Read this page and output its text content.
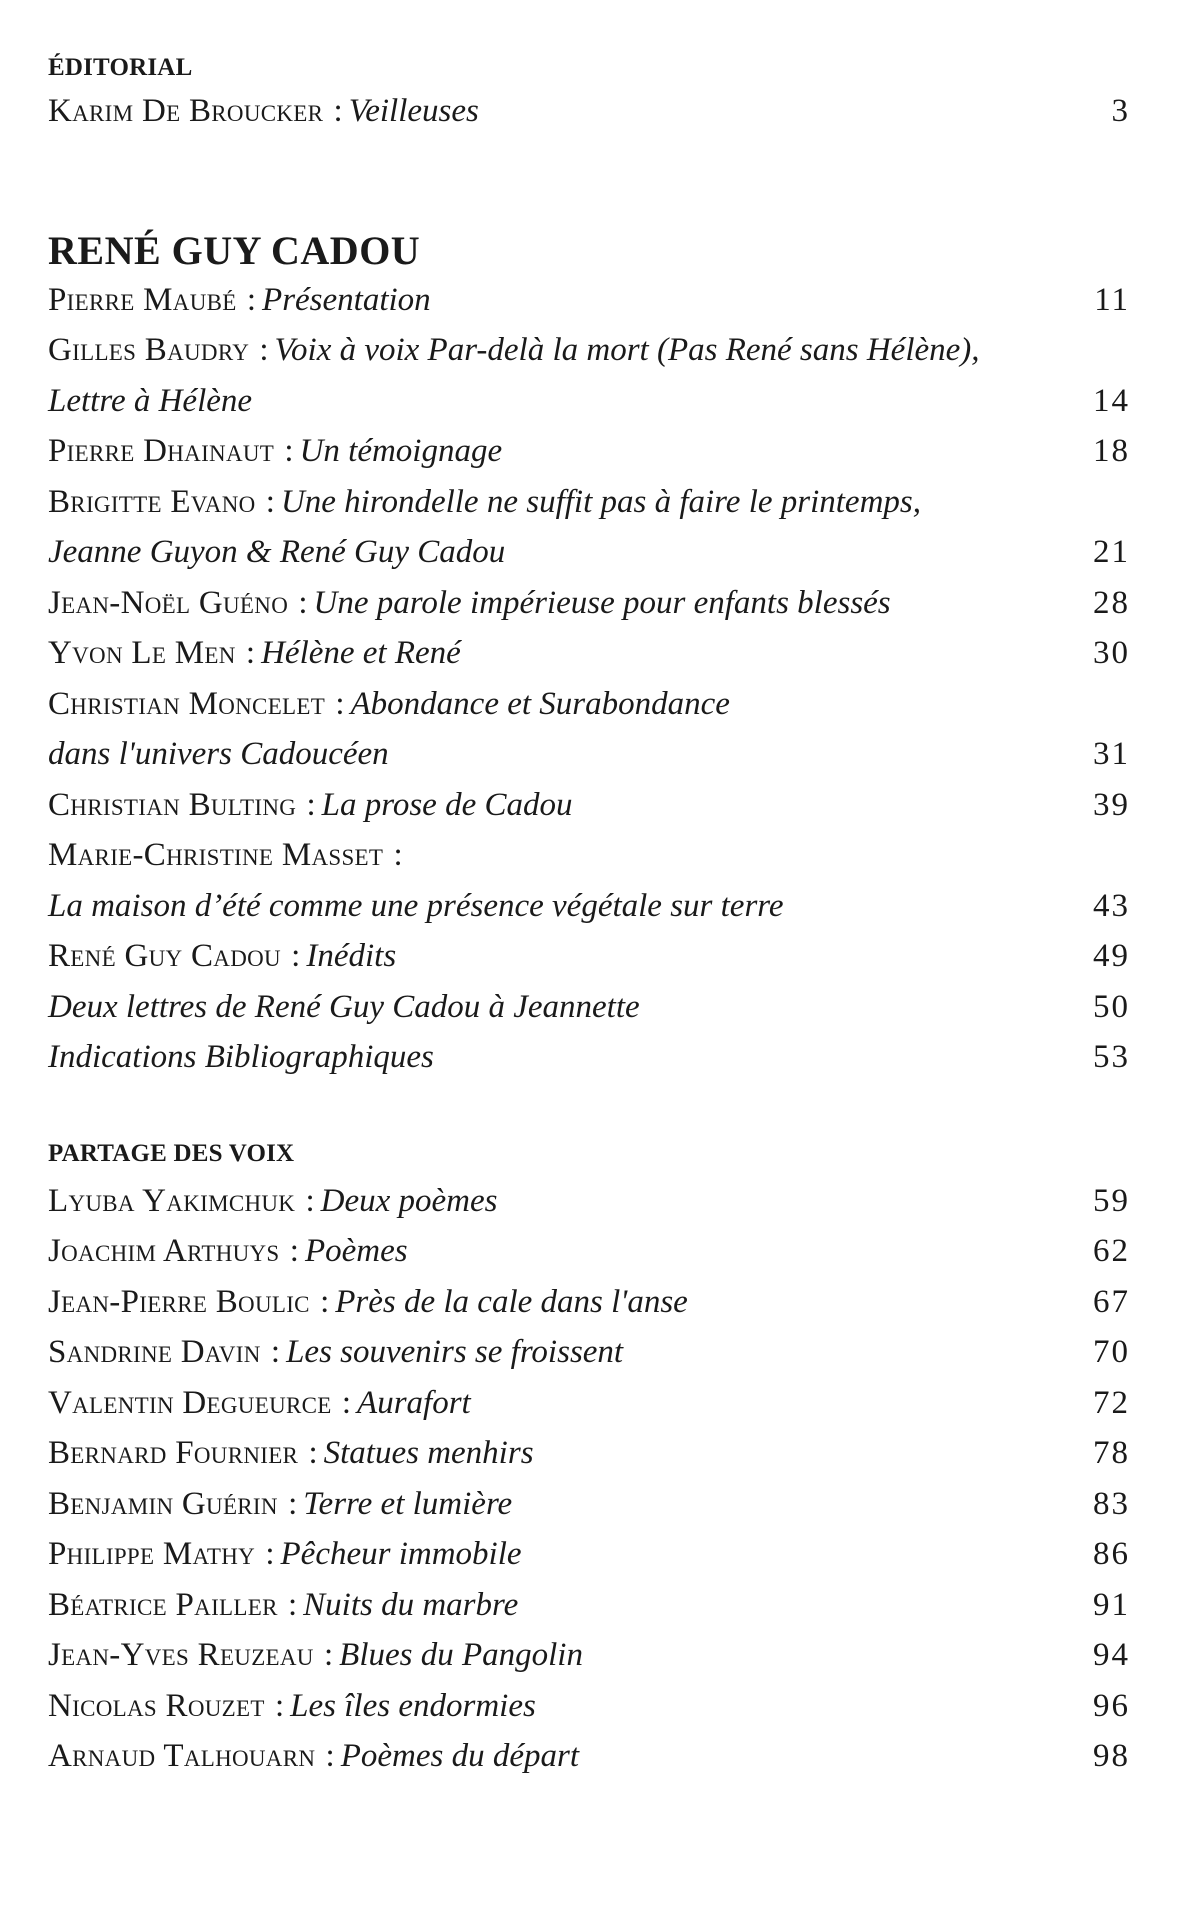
ÉDITORIAL
Karim De Broucker : Veilleuses	3
RENÉ GUY CADOU
Pierre Maubé : Présentation	11
Gilles Baudry : Voix à voix Par-delà la mort (Pas René sans Hélène),
Lettre à Hélène	14
Pierre Dhainaut : Un témoignage	18
Brigitte Evano : Une hirondelle ne suffit pas à faire le printemps,
Jeanne Guyon & René Guy Cadou	21
Jean-Noël Guéno : Une parole impérieuse pour enfants blessés	28
Yvon Le Men : Hélène et René	30
Christian Moncelet : Abondance et Surabondance
dans l'univers Cadoucéen	31
Christian Bulting : La prose de Cadou	39
Marie-Christine Masset :
La maison d’été comme une présence végétale sur terre	43
René Guy Cadou : Inédits	49
Deux lettres de René Guy Cadou à Jeannette	50
Indications Bibliographiques	53
PARTAGE DES VOIX
Lyuba Yakimchuk : Deux poèmes	59
Joachim Arthuys : Poèmes	62
Jean-Pierre Boulic : Près de la cale dans l'anse	67
Sandrine Davin : Les souvenirs se froissent	70
Valentin Degueurce : Aurafort	72
Bernard Fournier : Statues menhirs	78
Benjamin Guérin : Terre et lumière	83
Philippe Mathy : Pêcheur immobile	86
Béatrice Pailler : Nuits du marbre	91
Jean-Yves Reuzeau : Blues du Pangolin	94
Nicolas Rouzet : Les îles endormies	96
Arnaud Talhouarn : Poèmes du départ	98
